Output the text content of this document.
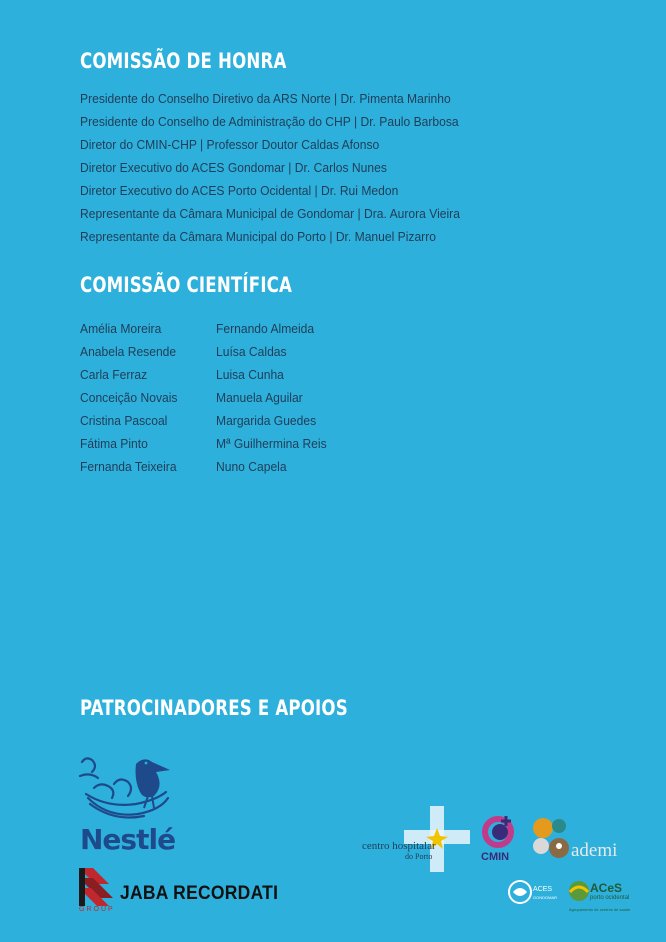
COMISSÃO DE HONRA
Presidente do Conselho Diretivo da ARS Norte | Dr. Pimenta Marinho
Presidente do Conselho de Administração do CHP | Dr. Paulo Barbosa
Diretor do CMIN-CHP | Professor Doutor Caldas Afonso
Diretor Executivo do ACES Gondomar | Dr. Carlos Nunes
Diretor Executivo do ACES Porto Ocidental | Dr. Rui Medon
Representante da Câmara Municipal de Gondomar | Dra. Aurora Vieira
Representante da Câmara Municipal do Porto | Dr. Manuel Pizarro
COMISSÃO CIENTÍFICA
Amélia Moreira
Anabela Resende
Carla Ferraz
Conceição Novais
Cristina Pascoal
Fátima Pinto
Fernanda Teixeira
Fernando Almeida
Luísa Caldas
Luisa Cunha
Manuela Aguilar
Margarida Guedes
Mª Guilhermina Reis
Nuno Capela
PATROCINADORES E APOIOS
Nestlé
GROUP
JABA RECORDATI
centro hospitalar
do Porto	CMIN	ademi
ACES
GONDOMAR
ACeS
porto ocidental
Agrupamento de centros de saúde
